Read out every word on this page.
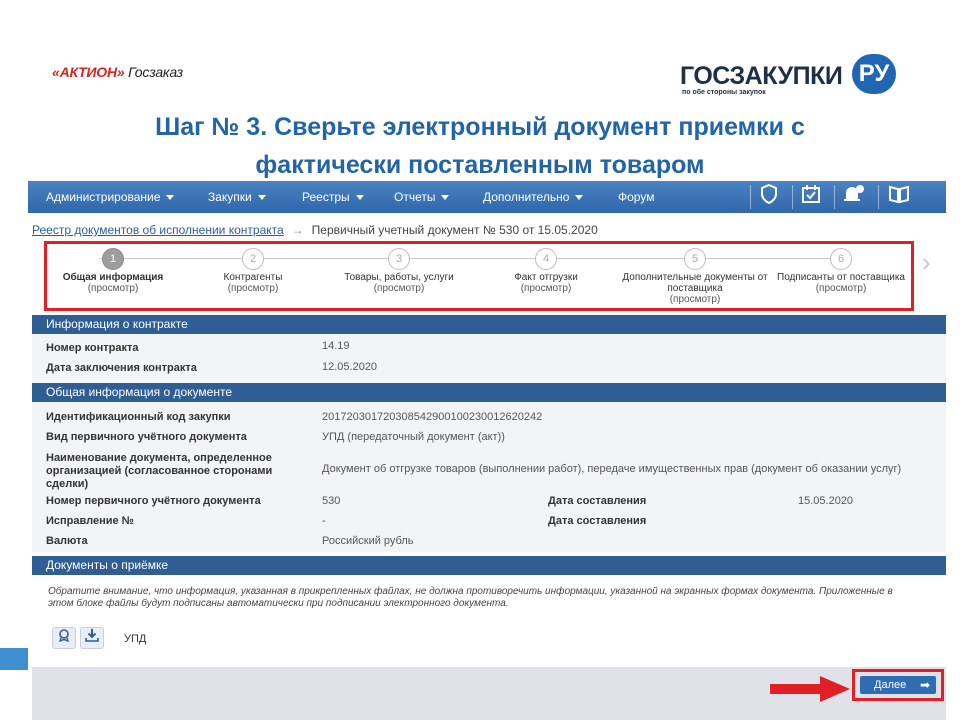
«АКТИОН» Госзаказ	ГОСЗАКУПКИ РУ
по обе стороны закупок
Шаг № 3. Сверьте электронный документ приемки с
фактически поставленным товаром
Администрирование	Закупки	Реестры	Отчеты	Дополнительно	Форум
Реестр документов об исполнении контракта → Первичный учетный документ № 530 от 15.05.2020
1
Общая информация
(просмотр)
2
Контрагенты
(просмотр)
3
Товары, работы, услуги
(просмотр)
4
Факт отгрузки
(просмотр)
5
Дополнительные документы от
поставщика
(просмотр)
6
Подписанты от поставщика
(просмотр)
›
Информация о контракте
Номер контракта	14.19
Дата заключения контракта	12.05.2020
Общая информация о документе
Идентификационный код закупки	201720301720308542900100230012620242
Вид первичного учётного документа	УПД (передаточный документ (акт))
Наименование документа, определенное
организацией (согласованное сторонами
сделки)
Документ об отгрузке товаров (выполнении работ), передаче имущественных прав (документ об оказании услуг)
Номер первичного учётного документа	530	Дата составления	15.05.2020
Исправление №	-	Дата составления
Валюта	Российский рубль
Документы о приёмке
Обратите внимание, что информация, указанная в прикрепленных файлах, не должна противоречить информации, указанной на экранных формах документа. Приложенные в этом блоке файлы будут подписаны автоматически при подписании электронного документа.
УПД
Далее ➡
